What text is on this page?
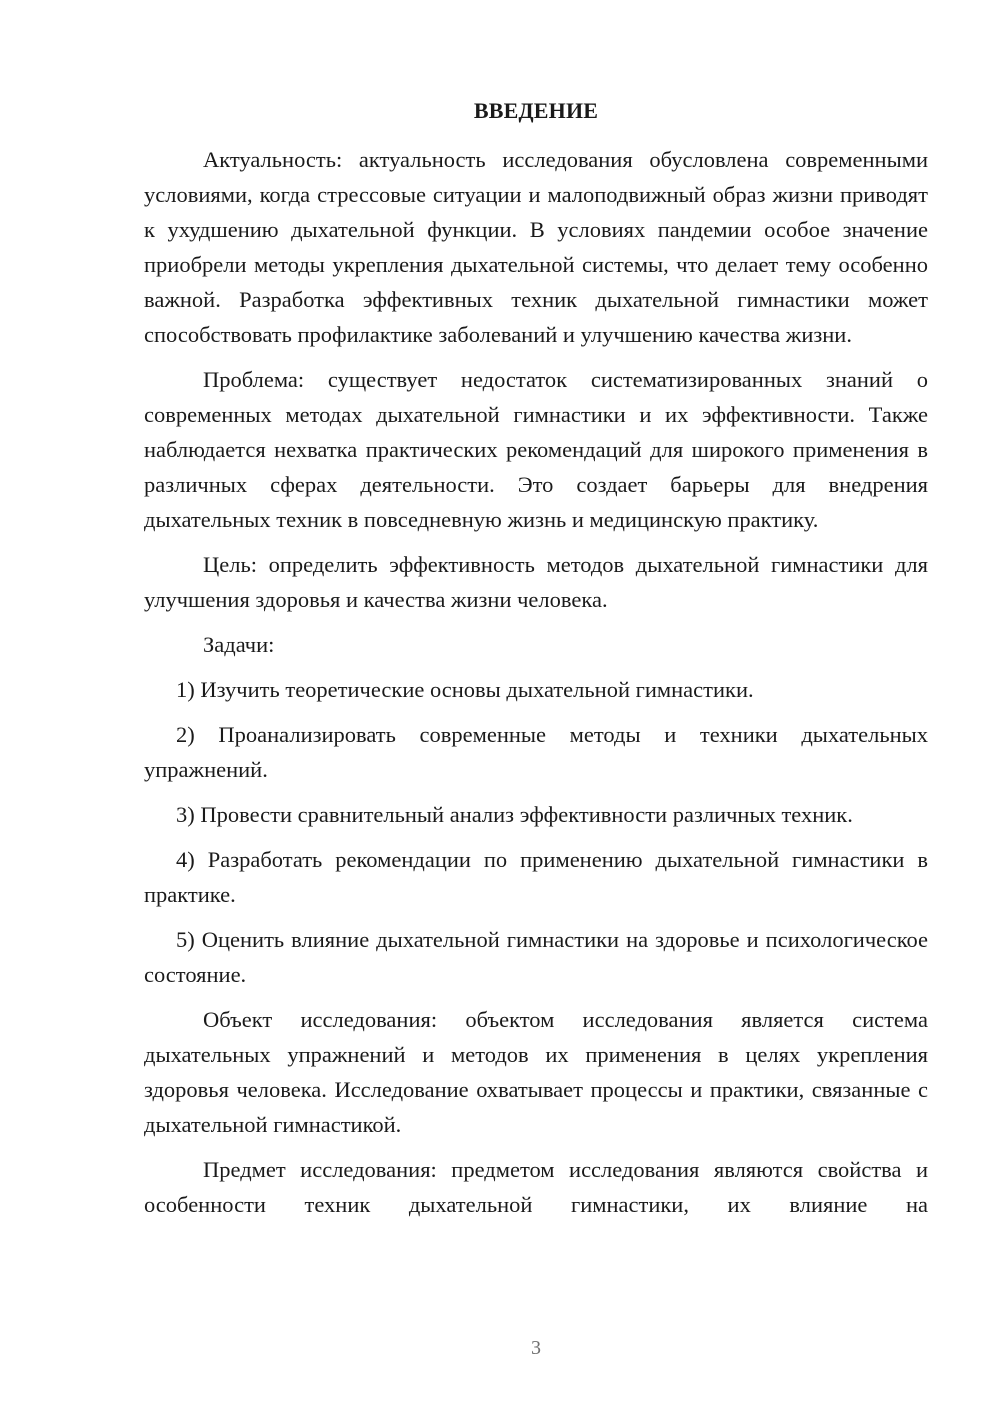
ВВЕДЕНИЕ

Актуальность: актуальность исследования обусловлена современными условиями, когда стрессовые ситуации и малоподвижный образ жизни приводят к ухудшению дыхательной функции. В условиях пандемии особое значение приобрели методы укрепления дыхательной системы, что делает тему особенно важной. Разработка эффективных техник дыхательной гимнастики может способствовать профилактике заболеваний и улучшению качества жизни.

Проблема: существует недостаток систематизированных знаний о современных методах дыхательной гимнастики и их эффективности. Также наблюдается нехватка практических рекомендаций для широкого применения в различных сферах деятельности. Это создает барьеры для внедрения дыхательных техник в повседневную жизнь и медицинскую практику.

Цель: определить эффективность методов дыхательной гимнастики для улучшения здоровья и качества жизни человека.

Задачи:

1) Изучить теоретические основы дыхательной гимнастики.

2) Проанализировать современные методы и техники дыхательных упражнений.

3) Провести сравнительный анализ эффективности различных техник.

4) Разработать рекомендации по применению дыхательной гимнастики в практике.

5) Оценить влияние дыхательной гимнастики на здоровье и психологическое состояние.

Объект исследования: объектом исследования является система дыхательных упражнений и методов их применения в целях укрепления здоровья человека. Исследование охватывает процессы и практики, связанные с дыхательной гимнастикой.

Предмет исследования: предметом исследования являются свойства и особенности техник дыхательной гимнастики, их влияние на

3
